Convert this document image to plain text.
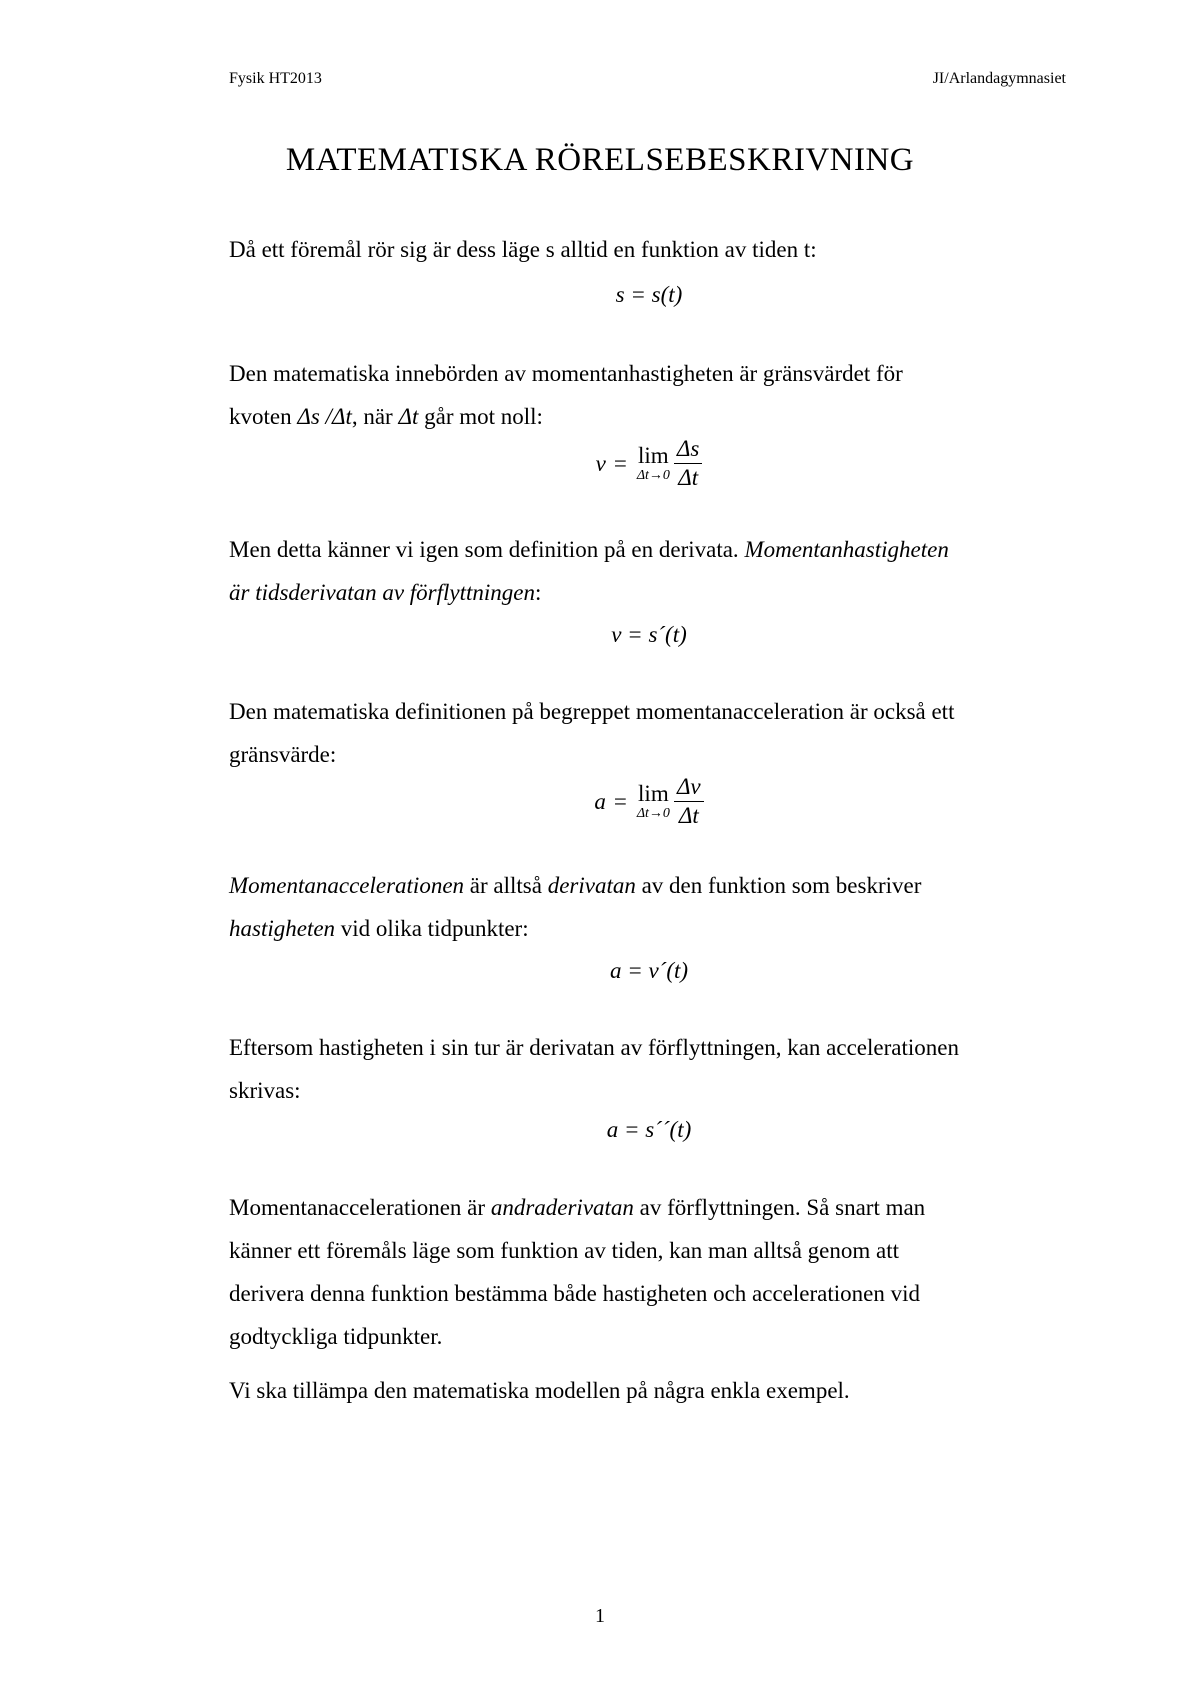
Fysik HT2013	JI/Arlandagymnasiet
MATEMATISKA RÖRELSEBESKRIVNING
Då ett föremål rör sig är dess läge s alltid en funktion av tiden t:
s = s(t)
Den matematiska innebörden av momentanhastigheten är gränsvärdet för
kvoten Δs /Δt, när Δt går mot noll:
v = lim
$\Delta t\to 0 \frac{\Delta s}{\Delta t}$
Men detta känner vi igen som definition på en derivata. Momentanhastigheten
är tidsderivatan av förflyttningen:
v = s´(t)
Den matematiska definitionen på begreppet momentanacceleration är också ett
gränsvärde:
a = lim
$\Delta t\to 0 \frac{\Delta v}{\Delta t}$
Momentanaccelerationen är alltså derivatan av den funktion som beskriver
hastigheten vid olika tidpunkter:
a = v´(t)
Eftersom hastigheten i sin tur är derivatan av förflyttningen, kan accelerationen
skrivas:
a = s´´(t)
Momentanaccelerationen är andraderivatan av förflyttningen. Så snart man
känner ett föremåls läge som funktion av tiden, kan man alltså genom att
derivera denna funktion bestämma både hastigheten och accelerationen vid
godtyckliga tidpunkter.
Vi ska tillämpa den matematiska modellen på några enkla exempel.
1
